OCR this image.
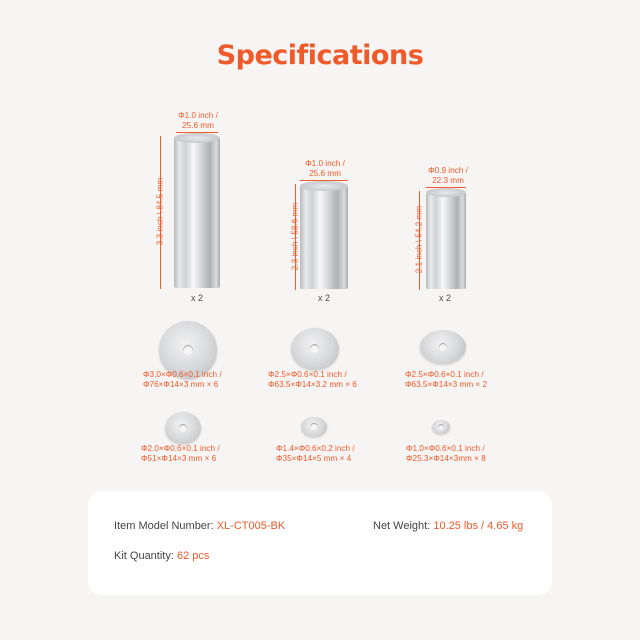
Specifications
Φ1.0 inch /
25.6 mm
3.3 inch \ 84.5 mm
x 2
Φ1.0 inch /
25.6 mm
2.3 inch \ 58.6 mm
x 2
Φ0.9 inch /
22.3 mm
2.1 inch \ 54.2 mm
x 2
Φ3.0×Φ0.6×0.1 inch /
Φ76×Φ14×3 mm × 6
Φ2.5×Φ0.6×0.1 inch /
Φ63.5×Φ14×3.2 mm × 6
Φ2.5×Φ0.6×0.1 inch /
Φ63.5×Φ14×3 mm × 2
Φ2.0×Φ0.6×0.1 inch /
Φ51×Φ14×3 mm × 6
Φ1.4×Φ0.6×0.2 inch /
Φ35×Φ14×5 mm × 4
Φ1.0×Φ0.6×0.1 inch /
Φ25.3×Φ14×3mm × 8
Item Model Number: XL-CT005-BK	Net Weight: 10.25 lbs / 4.65 kg
Kit Quantity: 62 pcs
